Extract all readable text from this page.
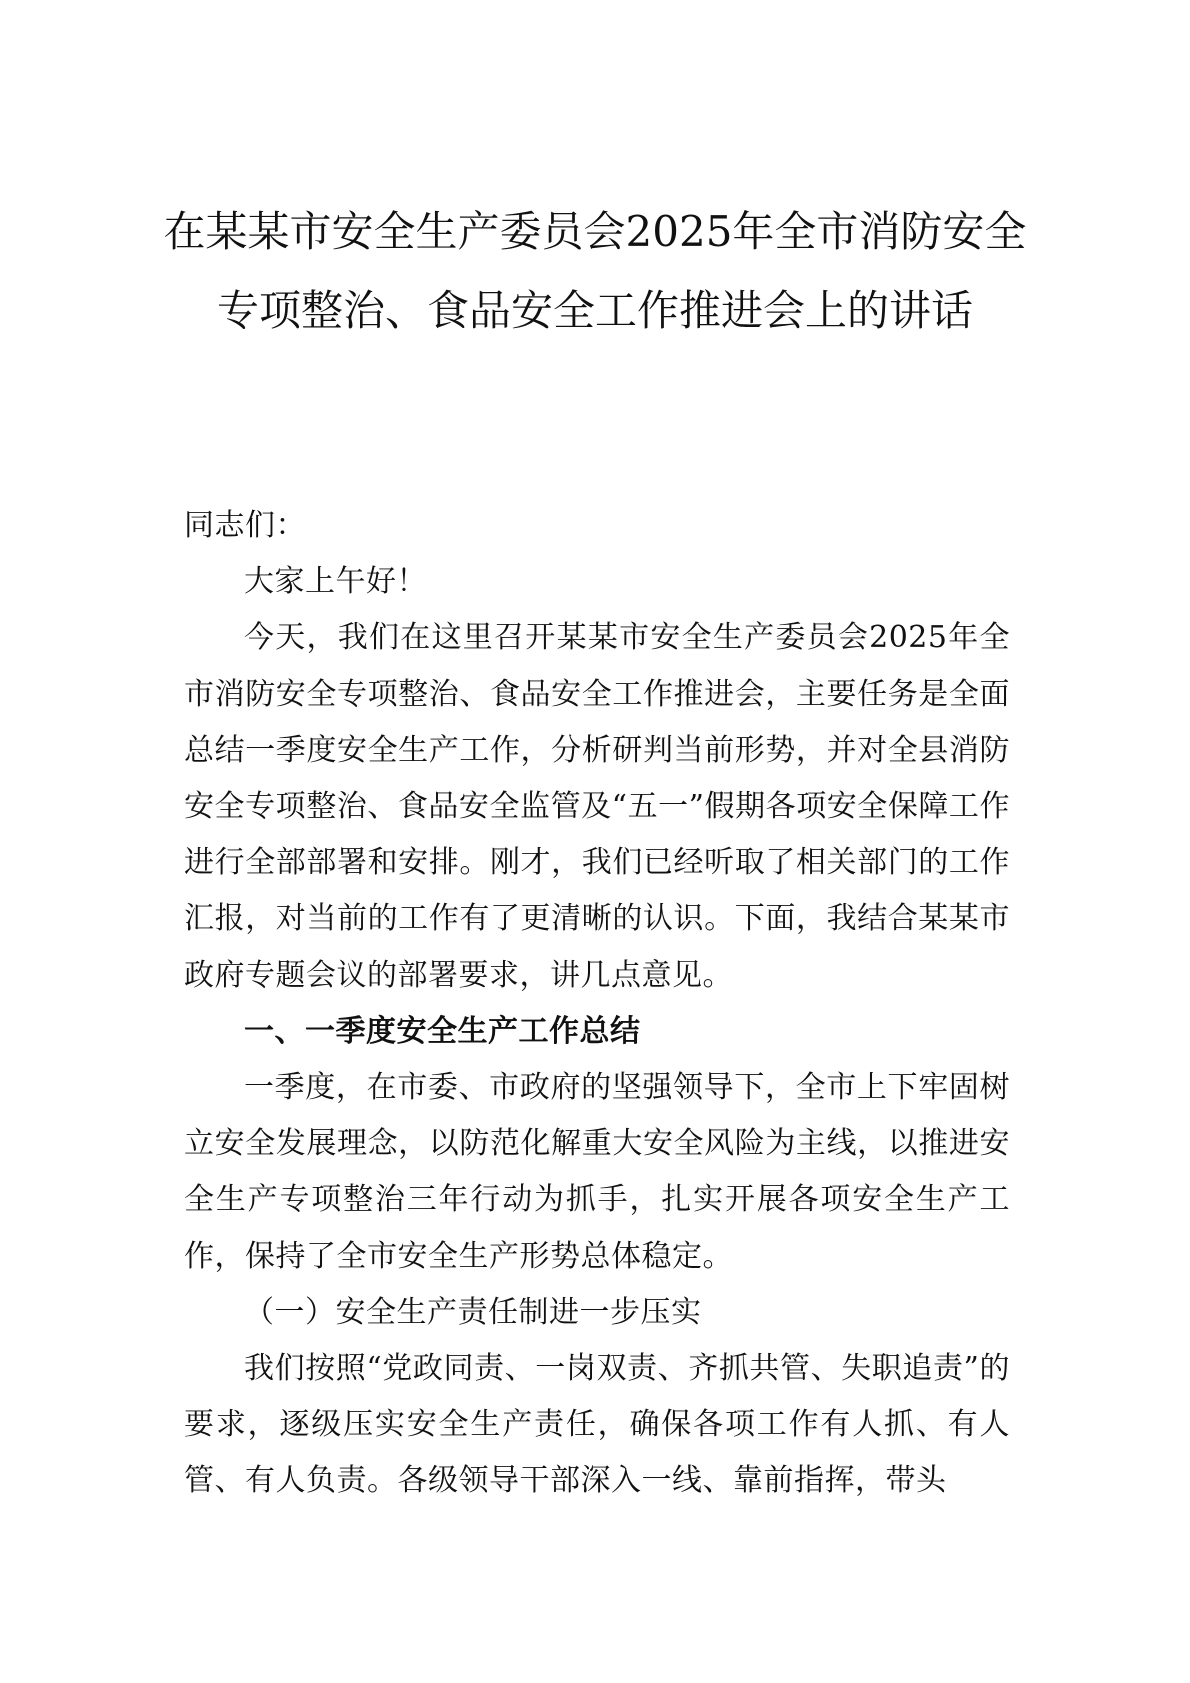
在某某市安全生产委员会2025年全市消防安全专项整治、食品安全工作推进会上的讲话

同志们：

大家上午好！

今天，我们在这里召开某某市安全生产委员会2025年全市消防安全专项整治、食品安全工作推进会，主要任务是全面总结一季度安全生产工作，分析研判当前形势，并对全县消防安全专项整治、食品安全监管及“五一”假期各项安全保障工作进行全部部署和安排。刚才，我们已经听取了相关部门的工作汇报，对当前的工作有了更清晰的认识。下面，我结合某某市政府专题会议的部署要求，讲几点意见。

一、一季度安全生产工作总结

一季度，在市委、市政府的坚强领导下，全市上下牢固树立安全发展理念，以防范化解重大安全风险为主线，以推进安全生产专项整治三年行动为抓手，扎实开展各项安全生产工作，保持了全市安全生产形势总体稳定。

（一）安全生产责任制进一步压实

我们按照“党政同责、一岗双责、齐抓共管、失职追责”的要求，逐级压实安全生产责任，确保各项工作有人抓、有人管、有人负责。各级领导干部深入一线、靠前指挥，带头
